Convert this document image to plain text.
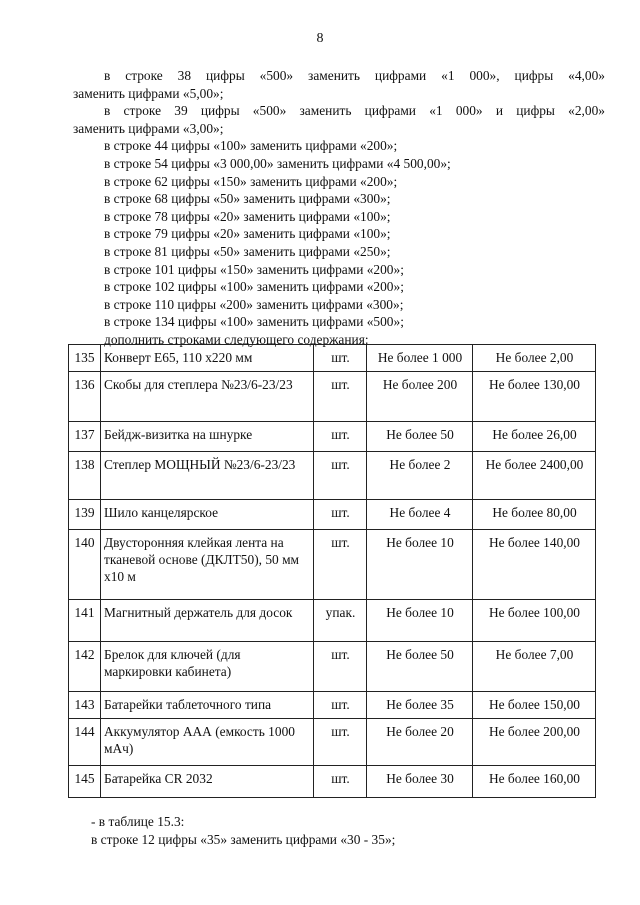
8
в строке 38 цифры «500» заменить цифрами «1 000», цифры «4,00»
заменить цифрами «5,00»;
в строке 39 цифры «500» заменить цифрами «1 000» и цифры «2,00»
заменить цифрами «3,00»;
в строке 44 цифры «100» заменить цифрами «200»;
в строке 54 цифры «3 000,00» заменить цифрами «4 500,00»;
в строке 62 цифры «150» заменить цифрами «200»;
в строке 68 цифры «50» заменить цифрами «300»;
в строке 78 цифры «20» заменить цифрами «100»;
в строке 79 цифры «20» заменить цифрами «100»;
в строке 81 цифры «50» заменить цифрами «250»;
в строке 101 цифры «150» заменить цифрами «200»;
в строке 102 цифры «100» заменить цифрами «200»;
в строке 110 цифры «200» заменить цифрами «300»;
в строке 134 цифры «100» заменить цифрами «500»;
дополнить строками следующего содержания:
135	Конверт Е65, 110 х220 мм	шт.	Не более 1 000	Не более 2,00
136	Скобы для степлера №23/6-23/23	шт.	Не более 200	Не более 130,00
137	Бейдж-визитка на шнурке	шт.	Не более 50	Не более 26,00
138	Степлер МОЩНЫЙ №23/6-23/23	шт.	Не более 2	Не более 2400,00
139	Шило канцелярское	шт.	Не более 4	Не более 80,00
140	Двусторонняя клейкая лента на тканевой основе (ДКЛТ50), 50 мм х10 м	шт.	Не более 10	Не более 140,00
141	Магнитный держатель для досок	упак.	Не более 10	Не более 100,00
142	Брелок для ключей (для маркировки кабинета)	шт.	Не более 50	Не более 7,00
143	Батарейки таблеточного типа	шт.	Не более 35	Не более 150,00
144	Аккумулятор ААА (емкость 1000 мАч)	шт.	Не более 20	Не более 200,00
145	Батарейка CR 2032	шт.	Не более 30	Не более 160,00
- в таблице 15.3:
в строке 12 цифры «35» заменить цифрами «30 - 35»;
